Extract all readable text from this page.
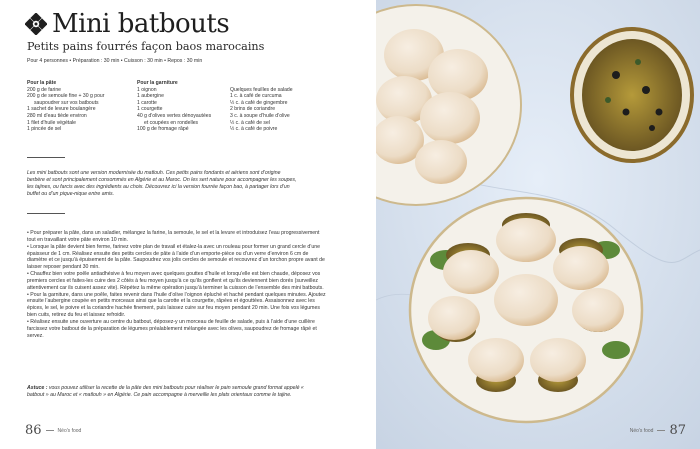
Mini batbouts
Petits pains fourrés façon baos marocains
Pour 4 personnes • Préparation : 30 min • Cuisson : 30 min • Repos : 30 min
Pour la pâte
200 g de farine
200 g de semoule fine + 30 g pour
saupoudrer sur vos batbouts
1 sachet de levure boulangère
280 ml d’eau tiède environ
1 filet d’huile végétale
1 pincée de sel
Pour la garniture
1 oignon
1 aubergine
1 carotte
1 courgette
40 g d’olives vertes dénoyautées
et coupées en rondelles
100 g de fromage râpé
Quelques feuilles de salade
1 c. à café de curcuma
½ c. à café de gingembre
2 brins de coriandre
3 c. à soupe d’huile d’olive
½ c. à café de sel
½ c. à café de poivre
Les mini batbouts sont une version modernisée du matlouh. Ces petits pains fondants et aériens sont d’origine berbère et sont principalement consommés en Algérie et au Maroc. On les sert nature pour accompagner les soupes, les tajines, ou farcis avec des ingrédients au choix. Découvrez ici la version fourrée façon bao, à partager lors d’un buffet ou d’un pique-nique entre amis.

• Pour préparer la pâte, dans un saladier, mélangez la farine, la semoule, le sel et la levure et introduisez l’eau progressivement tout en travaillant votre pâte environ 10 min.

• Lorsque la pâte devient bien ferme, farinez votre plan de travail et étalez-la avec un rouleau pour former un grand cercle d’une épaisseur de 1 cm. Réalisez ensuite des petits cercles de pâte à l’aide d’un emporte-pièce ou d’un verre d’environ 6 cm de diamètre et ce jusqu’à épuisement de la pâte. Saupoudrez vos jolis cercles de semoule et recouvrez d’un torchon propre avant de laisser reposer pendant 30 min.

• Chauffez bien votre poêle antiadhésive à feu moyen avec quelques gouttes d’huile et lorsqu’elle est bien chaude, déposez vos premiers cercles et faites-les cuire des 2 côtés à feu moyen jusqu’à ce qu’ils gonflent et qu’ils deviennent bien dorés (surveillez attentivement car ils cuisent assez vite). Répétez la même opération jusqu’à terminer la cuisson de l’ensemble des mini batbouts.

• Pour la garniture, dans une poêle, faites revenir dans l’huile d’olive l’oignon épluché et haché pendant quelques minutes. Ajoutez ensuite l’aubergine coupée en petits morceaux ainsi que la carotte et la courgette, râpées et égouttées. Assaisonnez avec les épices, le sel, le poivre et la coriandre hachée finement, puis laissez cuire sur feu moyen pendant 20 min. Une fois vos légumes bien cuits, retirez du feu et laissez refroidir.

• Réalisez ensuite une ouverture au centre du batbout, déposez-y un morceau de feuille de salade, puis à l’aide d’une cuillère farcissez votre batbout de la préparation de légumes préalablement mélangée avec les olives, saupoudrez de fromage râpé et servez.

Astuce : vous pouvez utiliser la recette de la pâte des mini batbouts pour réaliser le pain semoule grand format appelé « batbout » au Maroc et « matlouh » en Algérie. Ce pain accompagne à merveille les plats orientaux comme le tajine.
86	Néo's food	Néo's food 87
